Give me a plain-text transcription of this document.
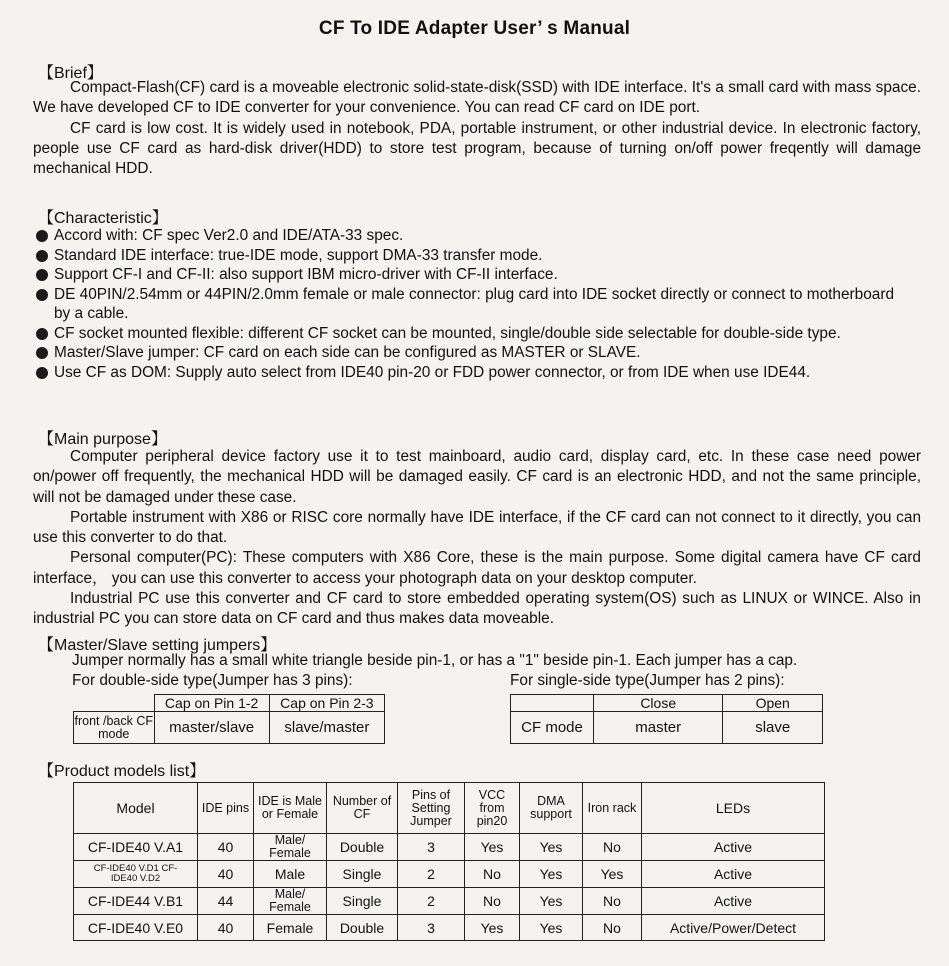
CF To IDE Adapter User’ s Manual
【Brief】

Compact-Flash(CF) card is a moveable electronic solid-state-disk(SSD) with IDE interface. It's a small card with mass space. We have developed CF to IDE converter for your convenience. You can read CF card on IDE port.

CF card is low cost. It is widely used in notebook, PDA, portable instrument, or other industrial device. In electronic factory, people use CF card as hard-disk driver(HDD) to store test program, because of turning on/off power freqently will damage mechanical HDD.

【Characteristic】
Accord with: CF spec Ver2.0 and IDE/ATA-33 spec.
Standard IDE interface: true-IDE mode, support DMA-33 transfer mode.
Support CF-I and CF-II: also support IBM micro-driver with CF-II interface.
DE 40PIN/2.54mm or 44PIN/2.0mm female or male connector: plug card into IDE socket directly or connect to motherboard by a cable.
CF socket mounted flexible: different CF socket can be mounted, single/double side selectable for double-side type.
Master/Slave jumper: CF card on each side can be configured as MASTER or SLAVE.
Use CF as DOM: Supply auto select from IDE40 pin-20 or FDD power connector, or from IDE when use IDE44.
【Main purpose】

Computer peripheral device factory use it to test mainboard, audio card, display card, etc. In these case need power on/power off frequently, the mechanical HDD will be damaged easily. CF card is an electronic HDD, and not the same principle, will not be damaged under these case.

Portable instrument with X86 or RISC core normally have IDE interface, if the CF card can not connect to it directly, you can use this converter to do that.

Personal computer(PC): These computers with X86 Core, these is the main purpose. Some digital camera have CF card interface， you can use this converter to access your photograph data on your desktop computer.

Industrial PC use this converter and CF card to store embedded operating system(OS) such as LINUX or WINCE. Also in industrial PC you can store data on CF card and thus makes data moveable.

【Master/Slave setting jumpers】
Jumper normally has a small white triangle beside pin-1, or has a "1" beside pin-1. Each jumper has a cap.
For double-side type(Jumper has 3 pins):	For single-side type(Jumper has 2 pins):
	Cap on Pin 1-2	Cap on Pin 2-3
front /back CF mode	master/slave	slave/master
	Close	Open
CF mode	master	slave
【Product models list】
Model	IDE pins	IDE is Male or Female	Number of CF	Pins of Setting Jumper	VCC from pin20	DMA support	Iron rack	LEDs
CF-IDE40 V.A1	40	Male/ Female	Double	3	Yes	Yes	No	Active
CF-IDE40 V.D1 CF-IDE40 V.D2	40	Male	Single	2	No	Yes	Yes	Active
CF-IDE44 V.B1	44	Male/ Female	Single	2	No	Yes	No	Active
CF-IDE40 V.E0	40	Female	Double	3	Yes	Yes	No	Active/Power/Detect
